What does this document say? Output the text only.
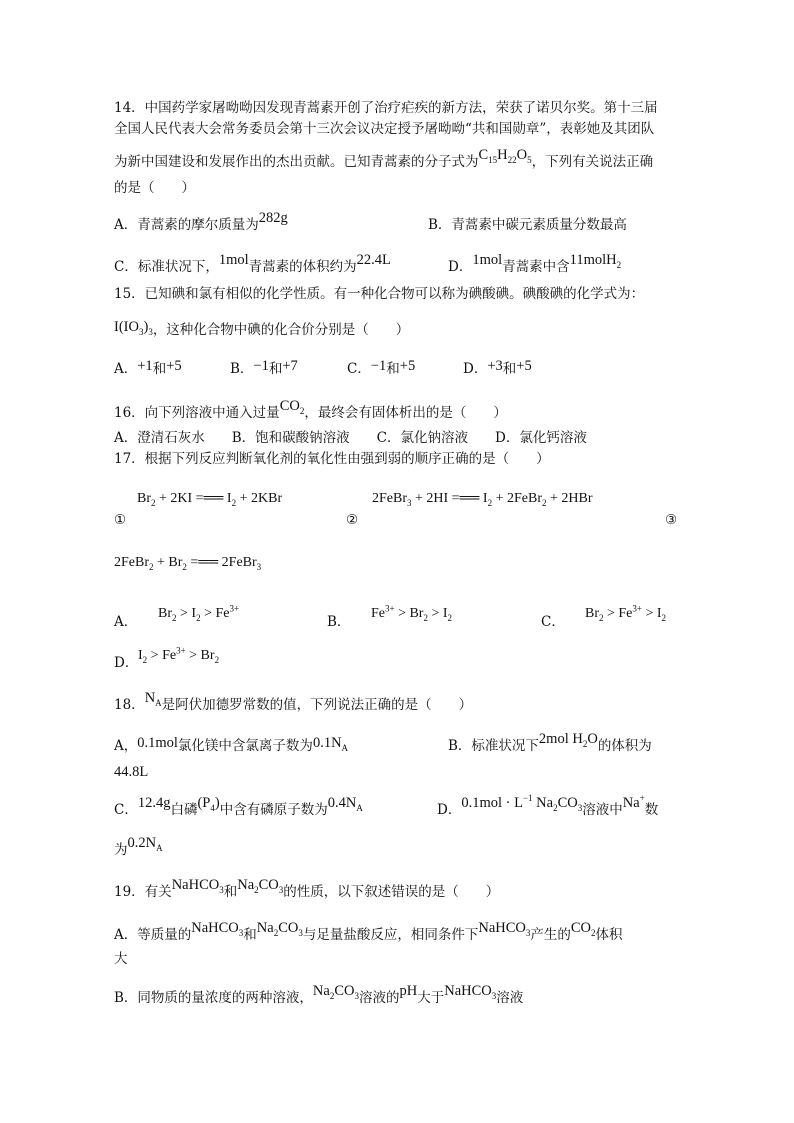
14．中国药学家屠呦呦因发现青蒿素开创了治疗疟疾的新方法，荣获了诺贝尔奖。第十三届
全国人民代表大会常务委员会第十三次会议决定授予屠呦呦“共和国勋章”，表彰她及其团队
为新中国建设和发展作出的杰出贡献。已知青蒿素的分子式为$C_{15}H_{22}O_5$，下列有关说法正确
的是（　　）
A．青蒿素的摩尔质量为282g	B．青蒿素中碳元素质量分数最高
C．标准状况下，1mol青蒿素的体积约为22.4L	D．1mol青蒿素中含11molH$_2$
15．已知碘和氯有相似的化学性质。有一种化合物可以称为碘酸碘。碘酸碘的化学式为：
$I(IO_3)_3$，这种化合物中碘的化合价分别是（　　）
A．+1和+5	B．−1和+7	C．−1和+5	D．+3和+5
16．向下列溶液中通入过量$CO_2$，最终会有固体析出的是（　　）
A．澄清石灰水　　B．饱和碳酸钠溶液　　C．氯化钠溶液　　D．氯化钙溶液
17．根据下列反应判断氧化剂的氧化性由强到弱的顺序正确的是（　　）
$Br_2 + 2KI$ = ══ $I_2 + 2KBr$	2FeBr$_3$ + 2HI = ══ $I_2$ + 2FeBr$_2$ + 2HBr
①	②	③
2FeBr$_2$ + $Br_2$ = ══ 2FeBr$_3$
A．
$Br_2 > I_2 > Fe^{3+}$
B．
$Fe^{3+} > Br_2 > I_2$	C．
$Br_2 > Fe^{3+} > I_2$
D． $I_2 > Fe^{3+} > Br_2$
18．$N_A$是阿伏加德罗常数的值，下列说法正确的是（　　）
A，0.1mol氯化镁中含氯离子数为$0.1N_A$	B．标准状况下2mol $H_2O$的体积为
44.8L
C．12.4g白磷$(P_4)$中含有磷原子数为$0.4N_A$	D．$0.1mol \cdot L^{-1}$ $Na_2CO_3$溶液中Na+数
为$0.2N_A$
19．有关NaHCO$_3$和$Na_2CO_3$的性质，以下叙述错误的是（　　）
A．等质量的NaHCO$_3$和$Na_2CO_3$与足量盐酸反应，相同条件下NaHCO$_3$产生的$CO_2$体积
大
B．同物质的量浓度的两种溶液，$Na_2CO_3$溶液的pH大于NaHCO$_3$溶液
